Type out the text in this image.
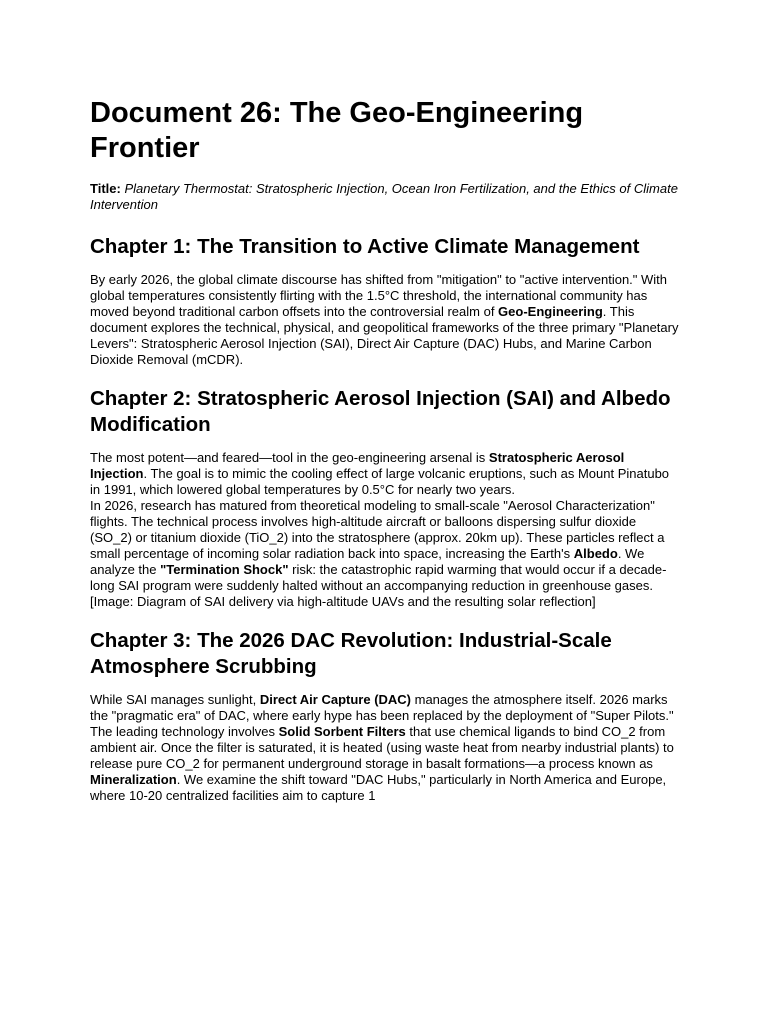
Document 26: The Geo-Engineering Frontier

Title: Planetary Thermostat: Stratospheric Injection, Ocean Iron Fertilization, and the Ethics of Climate Intervention

Chapter 1: The Transition to Active Climate Management

By early 2026, the global climate discourse has shifted from "mitigation" to "active intervention." With global temperatures consistently flirting with the 1.5°C threshold, the international community has moved beyond traditional carbon offsets into the controversial realm of Geo-Engineering. This document explores the technical, physical, and geopolitical frameworks of the three primary "Planetary Levers": Stratospheric Aerosol Injection (SAI), Direct Air Capture (DAC) Hubs, and Marine Carbon Dioxide Removal (mCDR).

Chapter 2: Stratospheric Aerosol Injection (SAI) and Albedo Modification

The most potent—and feared—tool in the geo-engineering arsenal is Stratospheric Aerosol Injection. The goal is to mimic the cooling effect of large volcanic eruptions, such as Mount Pinatubo in 1991, which lowered global temperatures by 0.5°C for nearly two years.

In 2026, research has matured from theoretical modeling to small-scale "Aerosol Characterization" flights. The technical process involves high-altitude aircraft or balloons dispersing sulfur dioxide (SO_2) or titanium dioxide (TiO_2) into the stratosphere (approx. 20km up). These particles reflect a small percentage of incoming solar radiation back into space, increasing the Earth's Albedo. We analyze the "Termination Shock" risk: the catastrophic rapid warming that would occur if a decade-long SAI program were suddenly halted without an accompanying reduction in greenhouse gases.

[Image: Diagram of SAI delivery via high-altitude UAVs and the resulting solar reflection]

Chapter 3: The 2026 DAC Revolution: Industrial-Scale Atmosphere Scrubbing

While SAI manages sunlight, Direct Air Capture (DAC) manages the atmosphere itself. 2026 marks the "pragmatic era" of DAC, where early hype has been replaced by the deployment of "Super Pilots."

The leading technology involves Solid Sorbent Filters that use chemical ligands to bind CO_2 from ambient air. Once the filter is saturated, it is heated (using waste heat from nearby industrial plants) to release pure CO_2 for permanent underground storage in basalt formations—a process known as Mineralization. We examine the shift toward "DAC Hubs," particularly in North America and Europe, where 10-20 centralized facilities aim to capture 1
